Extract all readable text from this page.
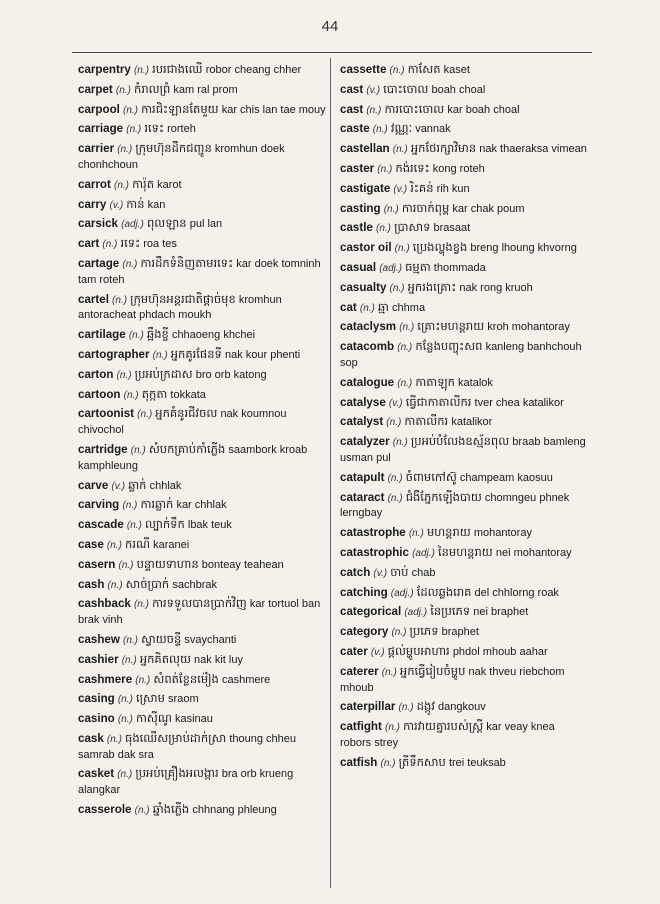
44
carpentry (n.) របរជាងឈើ robor cheang chher
carpet (n.) កំរាលព្រំ kam ral prom
carpool (n.) ការជិះឡានតែមួយ kar chis lan tae mouy
carriage (n.) រទេះ rorteh
carrier (n.) ក្រុមហ៊ុនដឹកជញ្ជូន kromhun doek chonhchoun
carrot (n.) ការ៉ុត karot
carry (v.) កាន់ kan
carsick (adj.) ពុលឡាន pul lan
cart (n.) រទេះ roa tes
cartage (n.) ការដឹកទំនិញតាមរទេះ kar doek tomninh tam roteh
cartel (n.) ក្រុមហ៊ុនអន្តរជាតិផ្តាច់មុខ kromhun antoracheat phdach moukh
cartilage (n.) ឆ្អឹងខ្ចី chhaoeng khchei
cartographer (n.) អ្នកគូរផែនទី nak kour phenti
carton (n.) ប្រអប់ក្រដាស bro orb katong
cartoon (n.) តុក្កតា tokkata
cartoonist (n.) អ្នកគំនូរជីវចល nak koumnou chivochol
cartridge (n.) សំបកគ្រាប់កាំភ្លើង saambork kroab kamphleung
carve (v.) ឆ្លាក់ chhlak
carving (n.) ការឆ្លាក់ kar chhlak
cascade (n.) ល្បាក់ទឹក lbak teuk
case (n.) ករណី karanei
casern (n.) បន្ទាយទាហាន bonteay teahean
cash (n.) សាច់ប្រាក់ sachbrak
cashback (n.) ការទទួលបានប្រាក់វិញ kar tortuol ban brak vinh
cashew (n.) ស្វាយចន្ទី svaychanti
cashier (n.) អ្នកគិតលុយ nak kit luy
cashmere (n.) សំពត់ខ្លែនម៉ៀង cashmere
casing (n.) ស្រោម sraom
casino (n.) កាស៊ីណូ kasinau
cask (n.) ធុងឈើសម្រាប់ដាក់ស្រា thoung chheu samrab dak sra
casket (n.) ប្រអប់គ្រឿងអលង្ការ bra orb krueng alangkar
casserole (n.) ឆ្នាំងភ្លើង chhnang phleung
cassette (n.) កាសែត kaset
cast (v.) បោះចោល boah choal
cast (n.) ការបោះចោល kar boah choal
caste (n.) វណ្ណៈ vannak
castellan (n.) អ្នកថែរក្សាវិមាន nak thaeraksa vimean
caster (n.) កង់រទេះ kong roteh
castigate (v.) រិះគន់ rih kun
casting (n.) ការចាក់ពុម្ព kar chak poum
castle (n.) ប្រាសាទ brasaat
castor oil (n.) ប្រេងល្ហុងខ្វង breng lhoung khvorng
casual (adj.) ធម្មតា thommada
casualty (n.) អ្នករងគ្រោះ nak rong kruoh
cat (n.) ឆ្មា chhma
cataclysm (n.) គ្រោះមហន្តរាយ kroh mohantoray
catacomb (n.) កន្លែងបញ្ចុះសព kanleng banhchouh sop
catalogue (n.) កាតាឡុក katalok
catalyse (v.) ធ្វើជាកាតាលីករ tver chea katalikor
catalyst (n.) កាតាលីករ katalikor
catalyzer (n.) ប្រអប់បំលែងឧស្ម័នពុល braab bamleng usman pul
catapult (n.) ចំពាមកៅស៊ូ champeam kaosuu
cataract (n.) ជំងឺភ្នែកឡើងបាយ chomngeu phnek lerngbay
catastrophe (n.) មហន្តរាយ mohantoray
catastrophic (adj.) នៃមហន្តរាយ nei mohantoray
catch (v.) ចាប់ chab
catching (adj.) ដែលឆ្លងរោគ del chhlorng roak
categorical (adj.) នៃប្រភេទ nei braphet
category (n.) ប្រភេទ braphet
cater (v.) ផ្តល់ម្ហូបអាហារ phdol mhoub aahar
caterer (n.) អ្នកធ្វើរៀបចំម្ហូប nak thveu riebchom mhoub
caterpillar (n.) ដង្កូវ dangkouv
catfight (n.) ការវាយគ្នារបស់ស្ត្រី kar veay knea robors strey
catfish (n.) ត្រីទឹកសាប trei teuksab
